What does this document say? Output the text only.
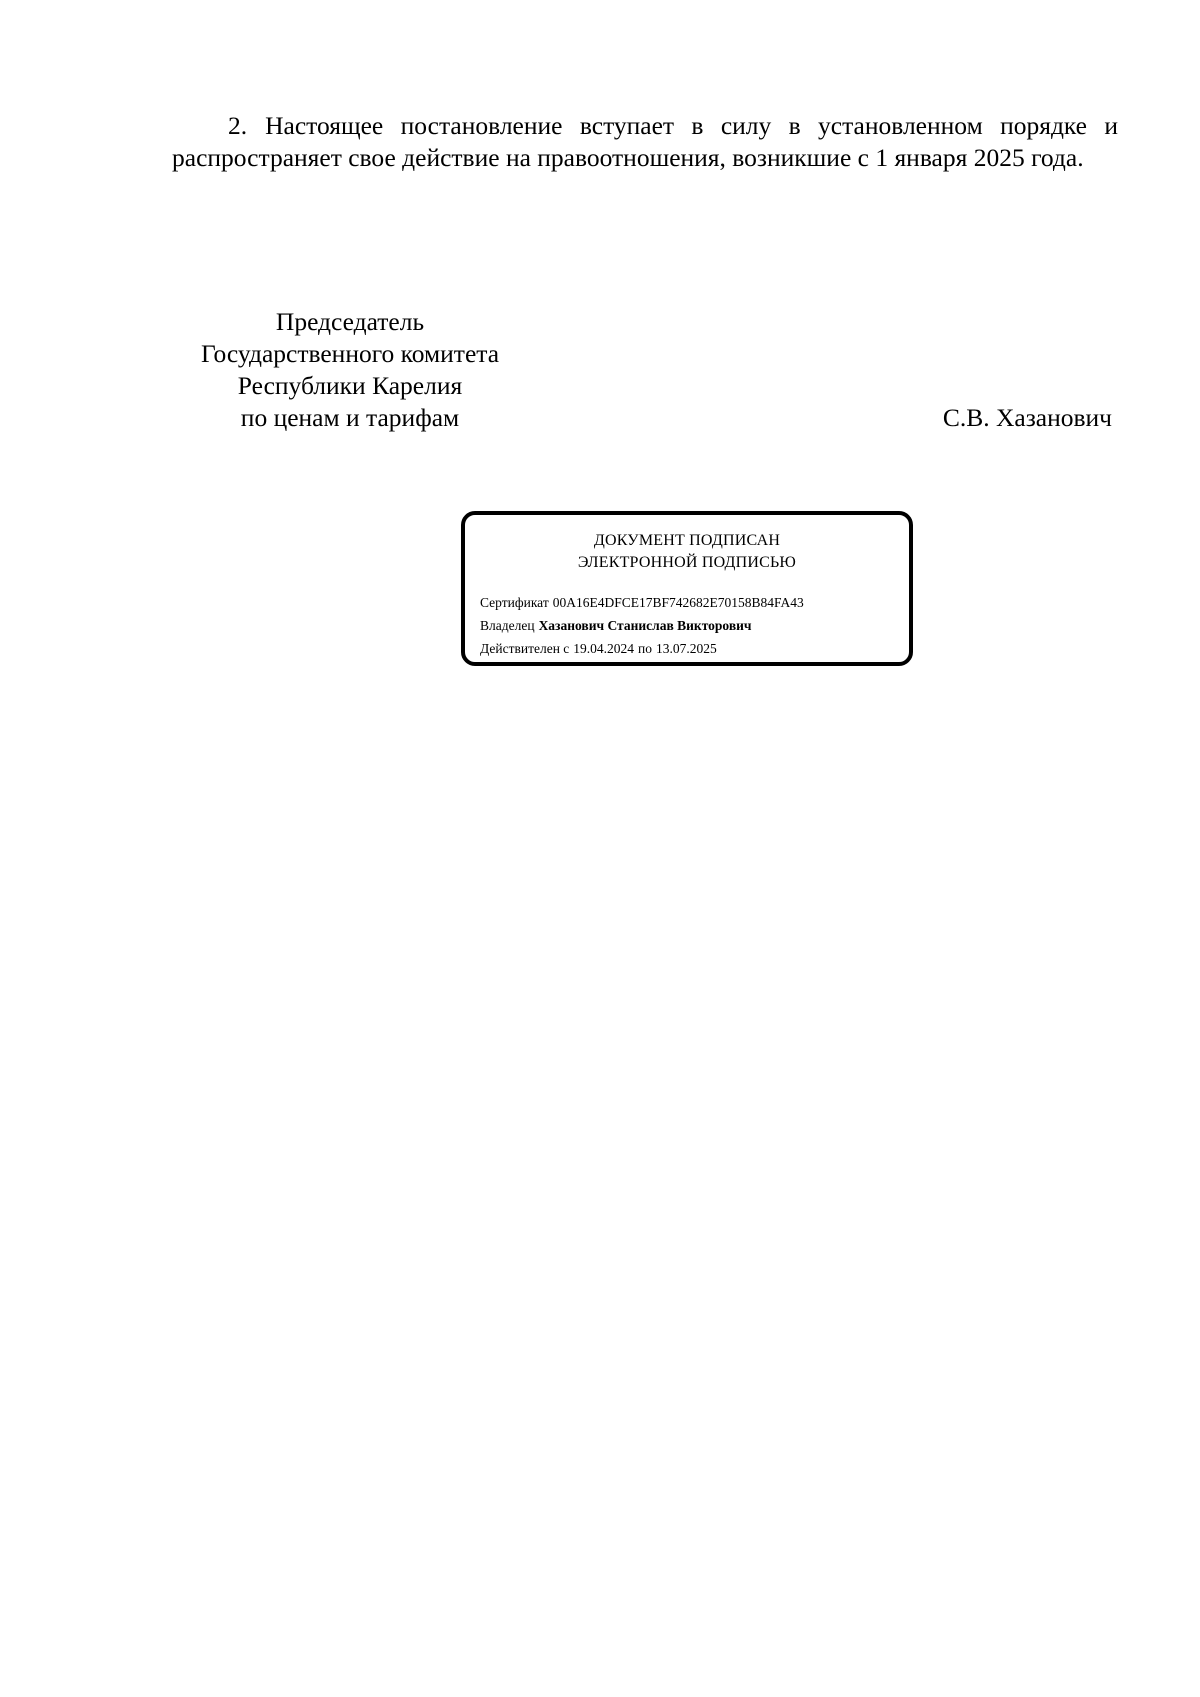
2. Настоящее постановление вступает в силу в установленном порядке и распространяет свое действие на правоотношения, возникшие с 1 января 2025 года.

Председатель
Государственного комитета
Республики Карелия
по ценам и тарифам	С.В. Хазанович
ДОКУМЕНТ ПОДПИСАН
ЭЛЕКТРОННОЙ ПОДПИСЬЮ
Сертификат 00A16E4DFCE17BF742682E70158B84FA43
Владелец Хазанович Станислав Викторович
Действителен с 19.04.2024 по 13.07.2025
